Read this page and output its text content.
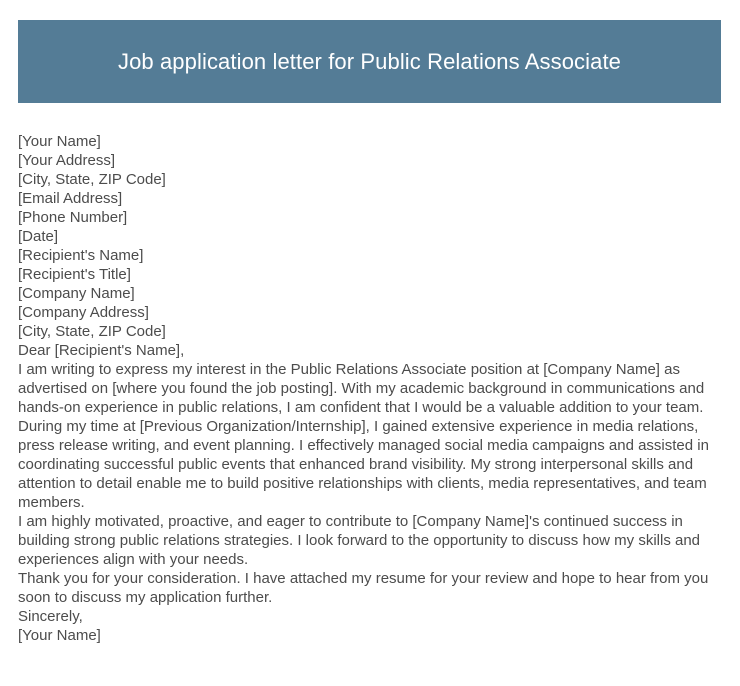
Job application letter for Public Relations Associate
[Your Name]
[Your Address]
[City, State, ZIP Code]
[Email Address]
[Phone Number]
[Date]
[Recipient's Name]
[Recipient's Title]
[Company Name]
[Company Address]
[City, State, ZIP Code]
Dear [Recipient's Name],

I am writing to express my interest in the Public Relations Associate position at [Company Name] as advertised on [where you found the job posting]. With my academic background in communications and hands-on experience in public relations, I am confident that I would be a valuable addition to your team.

During my time at [Previous Organization/Internship], I gained extensive experience in media relations, press release writing, and event planning. I effectively managed social media campaigns and assisted in coordinating successful public events that enhanced brand visibility. My strong interpersonal skills and attention to detail enable me to build positive relationships with clients, media representatives, and team members.

I am highly motivated, proactive, and eager to contribute to [Company Name]'s continued success in building strong public relations strategies. I look forward to the opportunity to discuss how my skills and experiences align with your needs.

Thank you for your consideration. I have attached my resume for your review and hope to hear from you soon to discuss my application further.

Sincerely,
[Your Name]
